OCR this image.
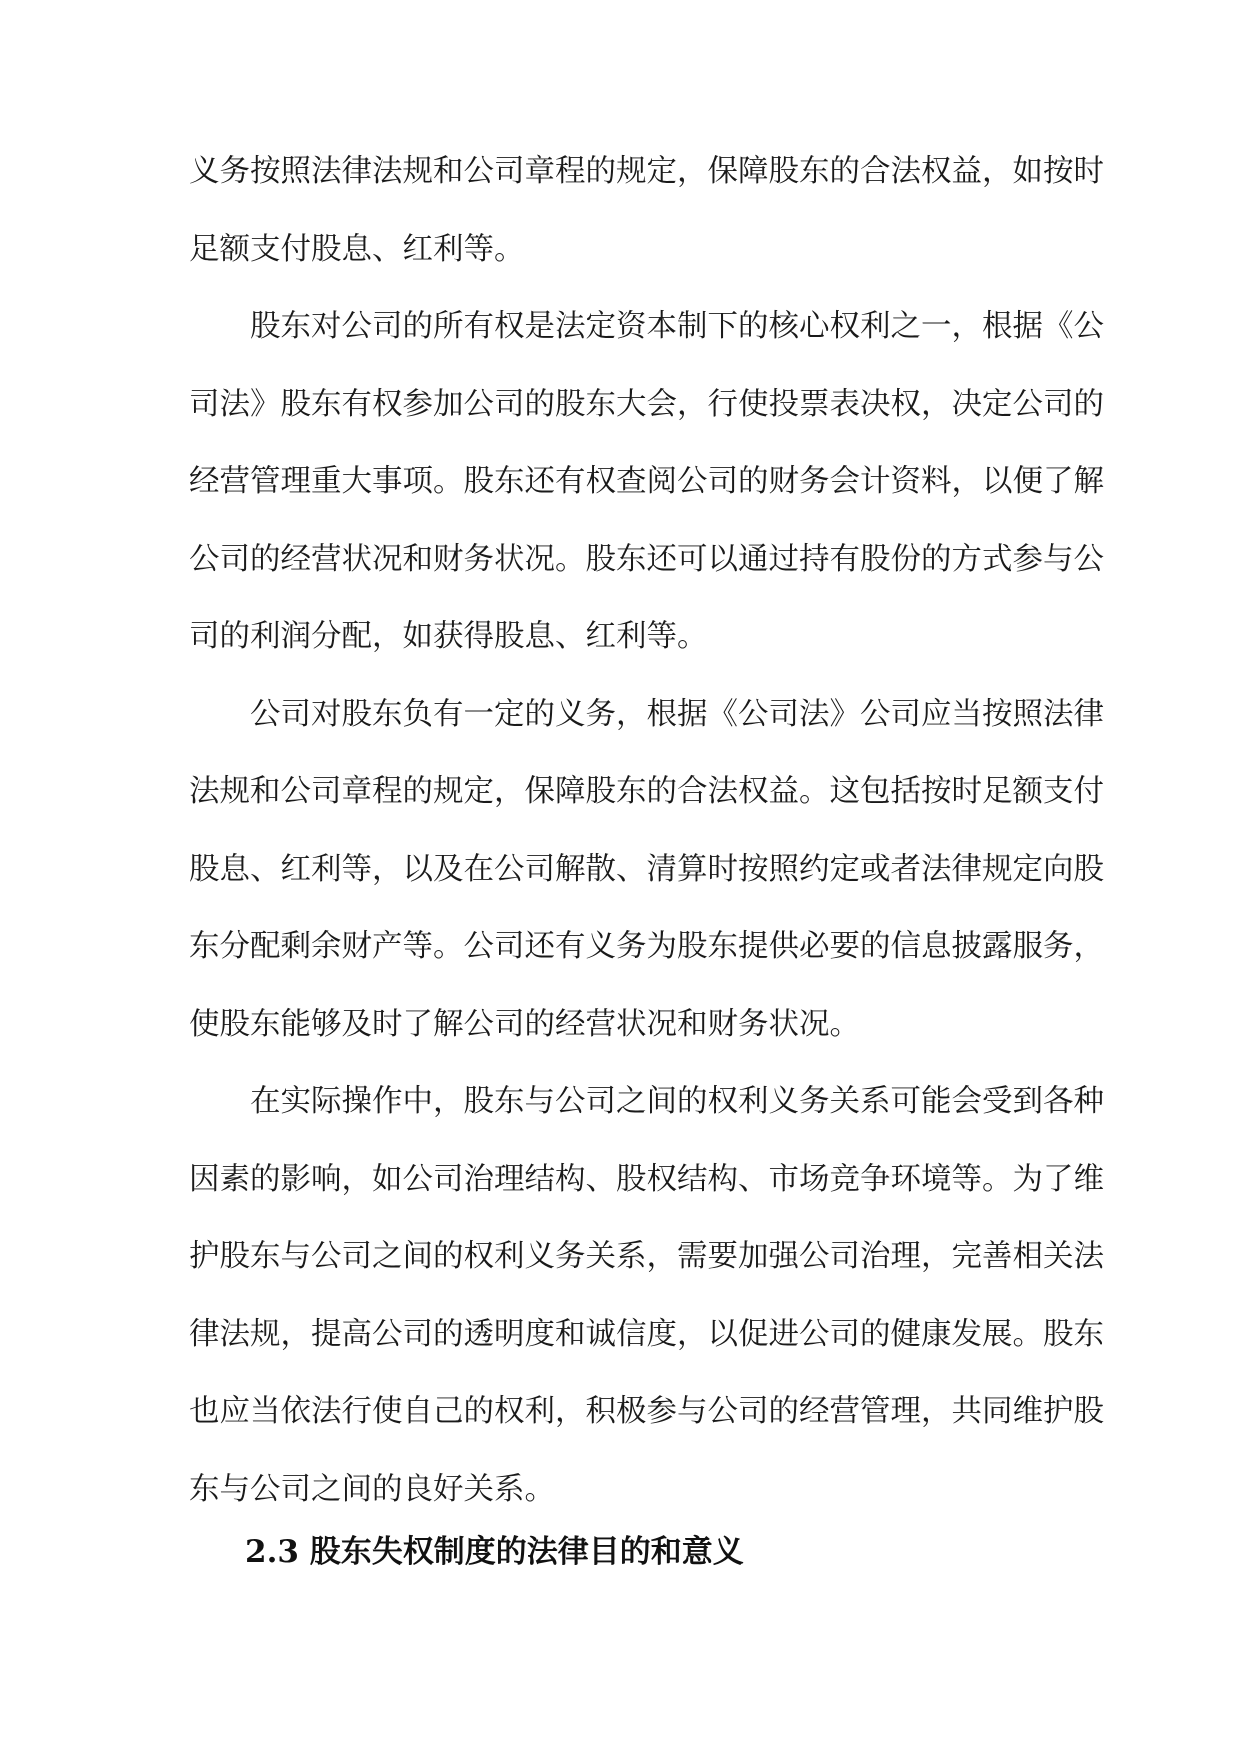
义务按照法律法规和公司章程的规定，保障股东的合法权益，如按时
足额支付股息、红利等。
股东对公司的所有权是法定资本制下的核心权利之一，根据《公
司法》股东有权参加公司的股东大会，行使投票表决权，决定公司的
经营管理重大事项。股东还有权查阅公司的财务会计资料，以便了解
公司的经营状况和财务状况。股东还可以通过持有股份的方式参与公
司的利润分配，如获得股息、红利等。
公司对股东负有一定的义务，根据《公司法》公司应当按照法律
法规和公司章程的规定，保障股东的合法权益。这包括按时足额支付
股息、红利等，以及在公司解散、清算时按照约定或者法律规定向股
东分配剩余财产等。公司还有义务为股东提供必要的信息披露服务，
使股东能够及时了解公司的经营状况和财务状况。
在实际操作中，股东与公司之间的权利义务关系可能会受到各种
因素的影响，如公司治理结构、股权结构、市场竞争环境等。为了维
护股东与公司之间的权利义务关系，需要加强公司治理，完善相关法
律法规，提高公司的透明度和诚信度，以促进公司的健康发展。股东
也应当依法行使自己的权利，积极参与公司的经营管理，共同维护股
东与公司之间的良好关系。
2.3 股东失权制度的法律目的和意义
